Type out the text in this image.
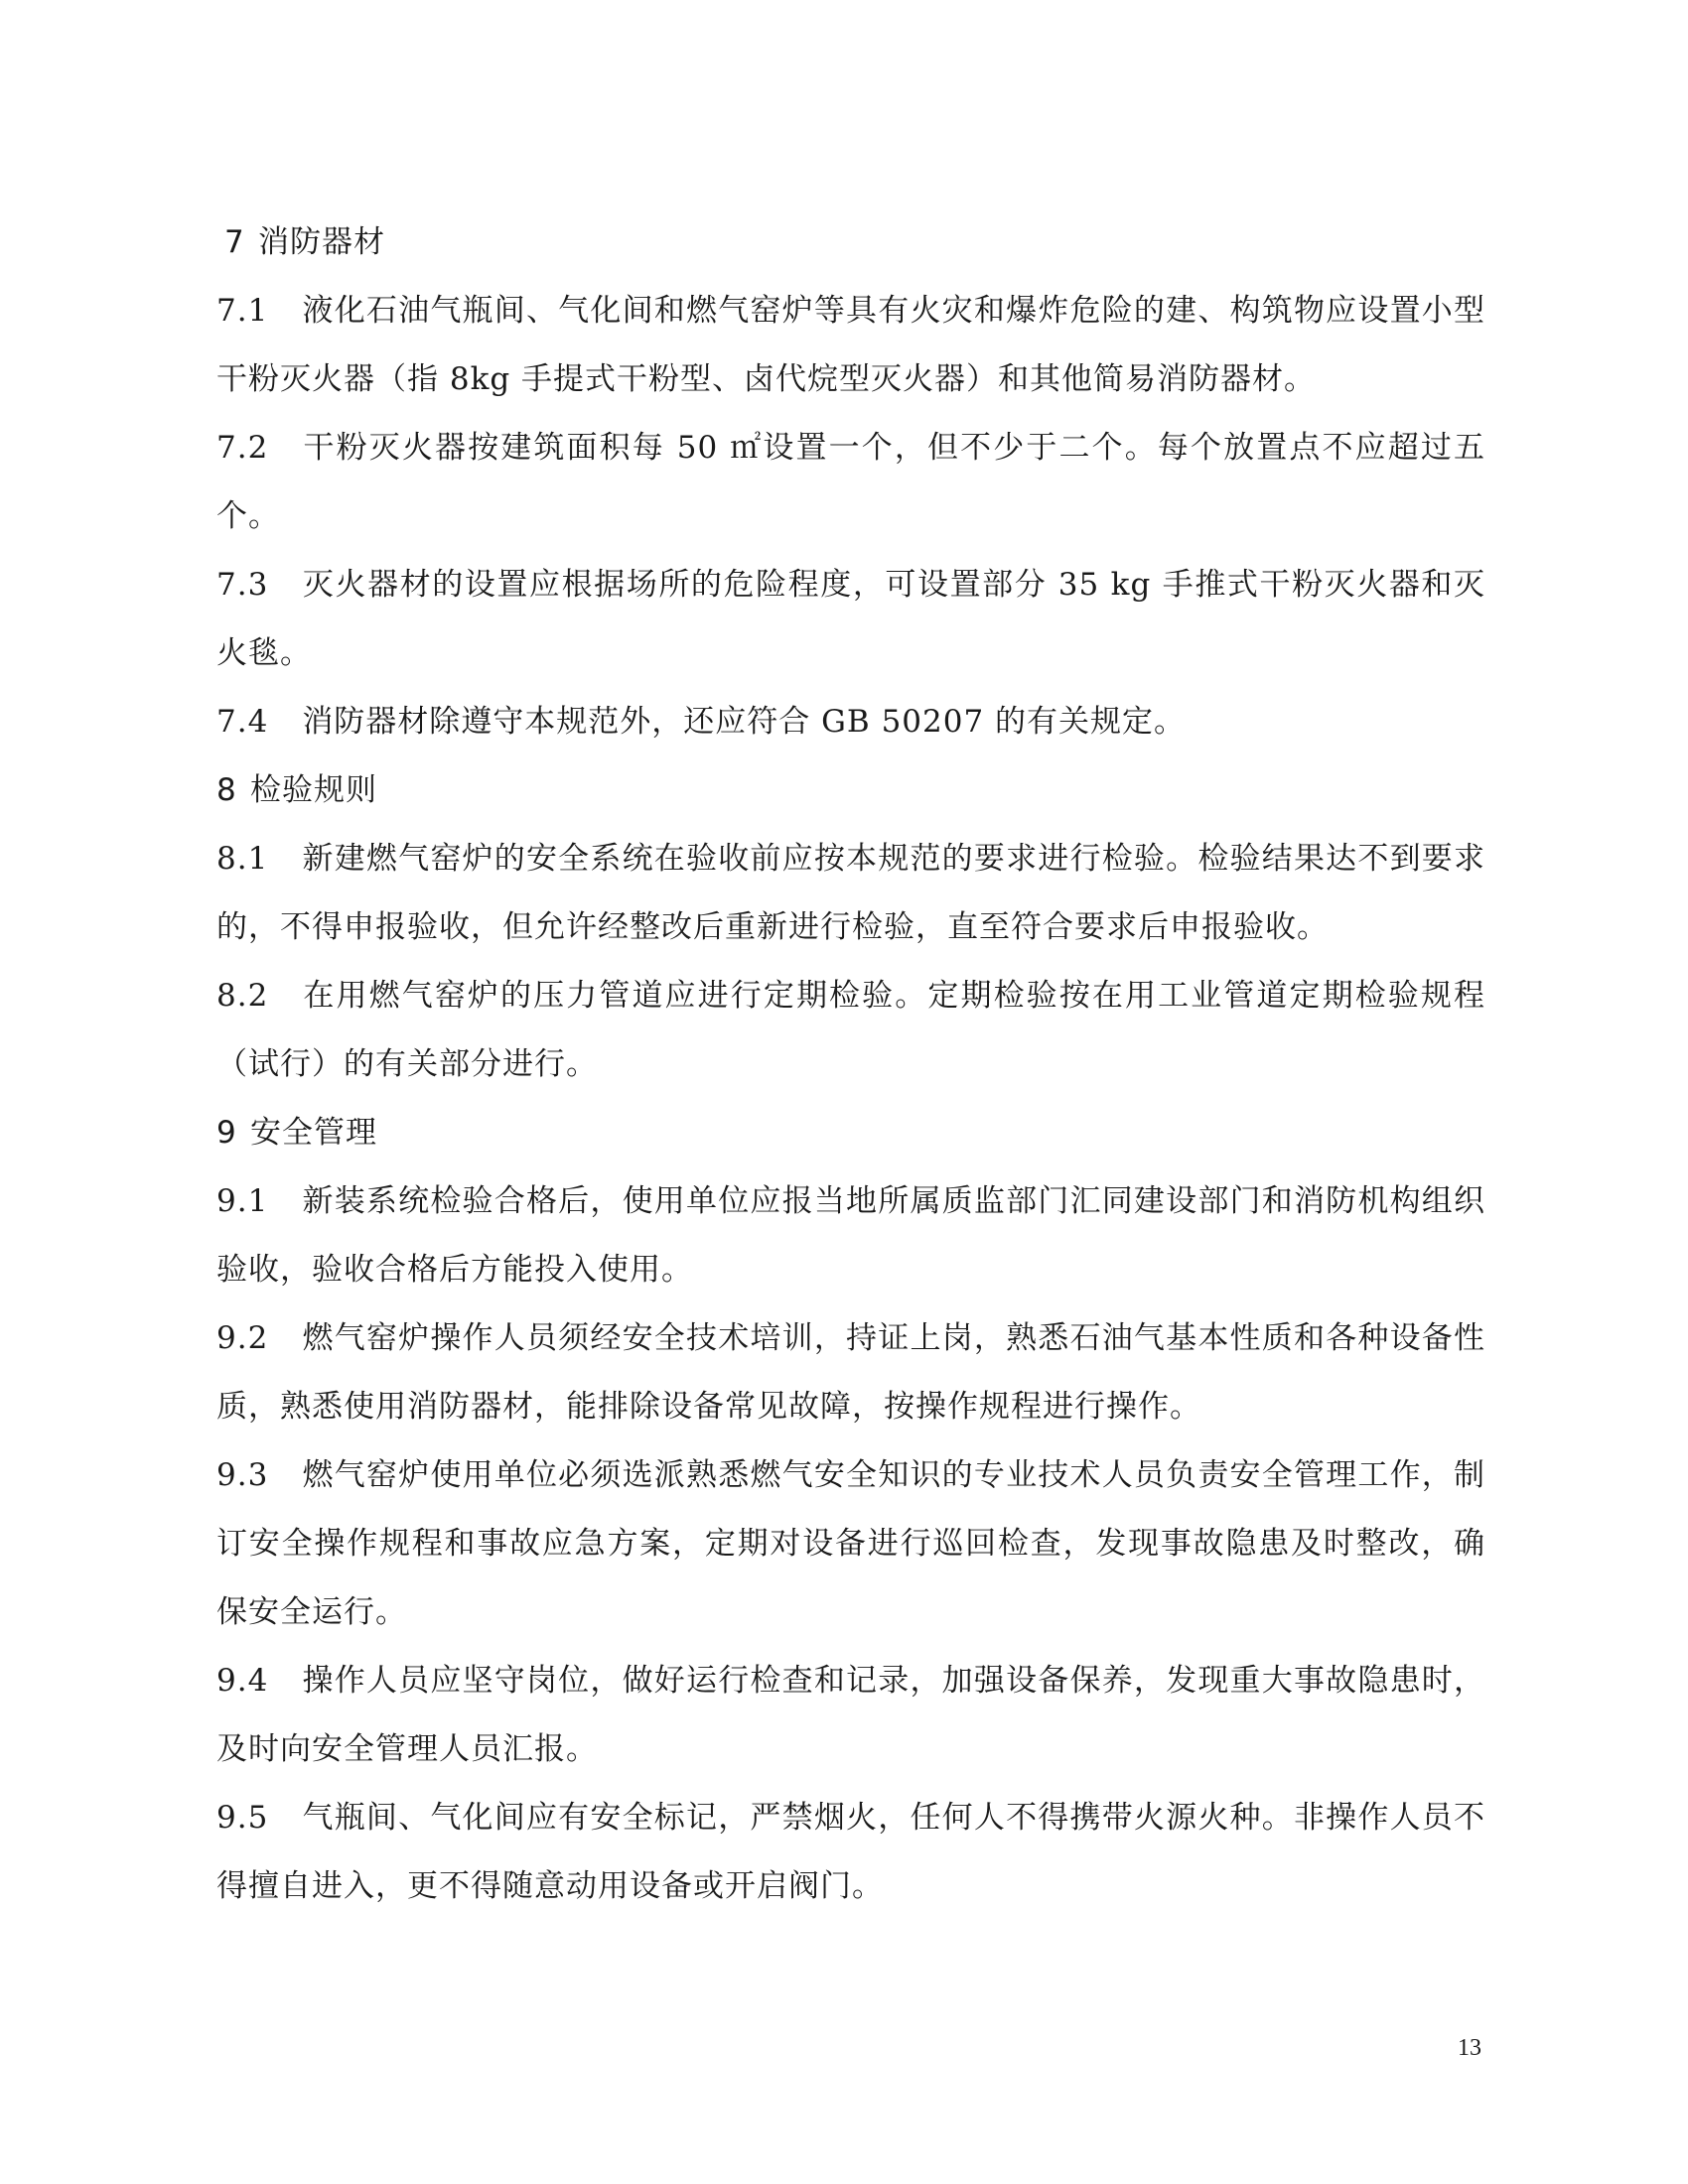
7 消防器材
7.1 液化石油气瓶间、气化间和燃气窑炉等具有火灾和爆炸危险的建、构筑物应设置小型干粉灭火器（指 8kg 手提式干粉型、卤代烷型灭火器）和其他简易消防器材。
7.2 干粉灭火器按建筑面积每 50 ㎡设置一个，但不少于二个。每个放置点不应超过五个。
7.3 灭火器材的设置应根据场所的危险程度，可设置部分 35 kg 手推式干粉灭火器和灭火毯。
7.4 消防器材除遵守本规范外，还应符合 GB 50207 的有关规定。
8 检验规则
8.1 新建燃气窑炉的安全系统在验收前应按本规范的要求进行检验。检验结果达不到要求的，不得申报验收，但允许经整改后重新进行检验，直至符合要求后申报验收。
8.2 在用燃气窑炉的压力管道应进行定期检验。定期检验按在用工业管道定期检验规程（试行）的有关部分进行。
9 安全管理
9.1 新装系统检验合格后，使用单位应报当地所属质监部门汇同建设部门和消防机构组织验收，验收合格后方能投入使用。
9.2 燃气窑炉操作人员须经安全技术培训，持证上岗，熟悉石油气基本性质和各种设备性质，熟悉使用消防器材，能排除设备常见故障，按操作规程进行操作。
9.3 燃气窑炉使用单位必须选派熟悉燃气安全知识的专业技术人员负责安全管理工作，制订安全操作规程和事故应急方案，定期对设备进行巡回检查，发现事故隐患及时整改，确保安全运行。
9.4 操作人员应坚守岗位，做好运行检查和记录，加强设备保养，发现重大事故隐患时，及时向安全管理人员汇报。
9.5 气瓶间、气化间应有安全标记，严禁烟火，任何人不得携带火源火种。非操作人员不得擅自进入，更不得随意动用设备或开启阀门。
13
